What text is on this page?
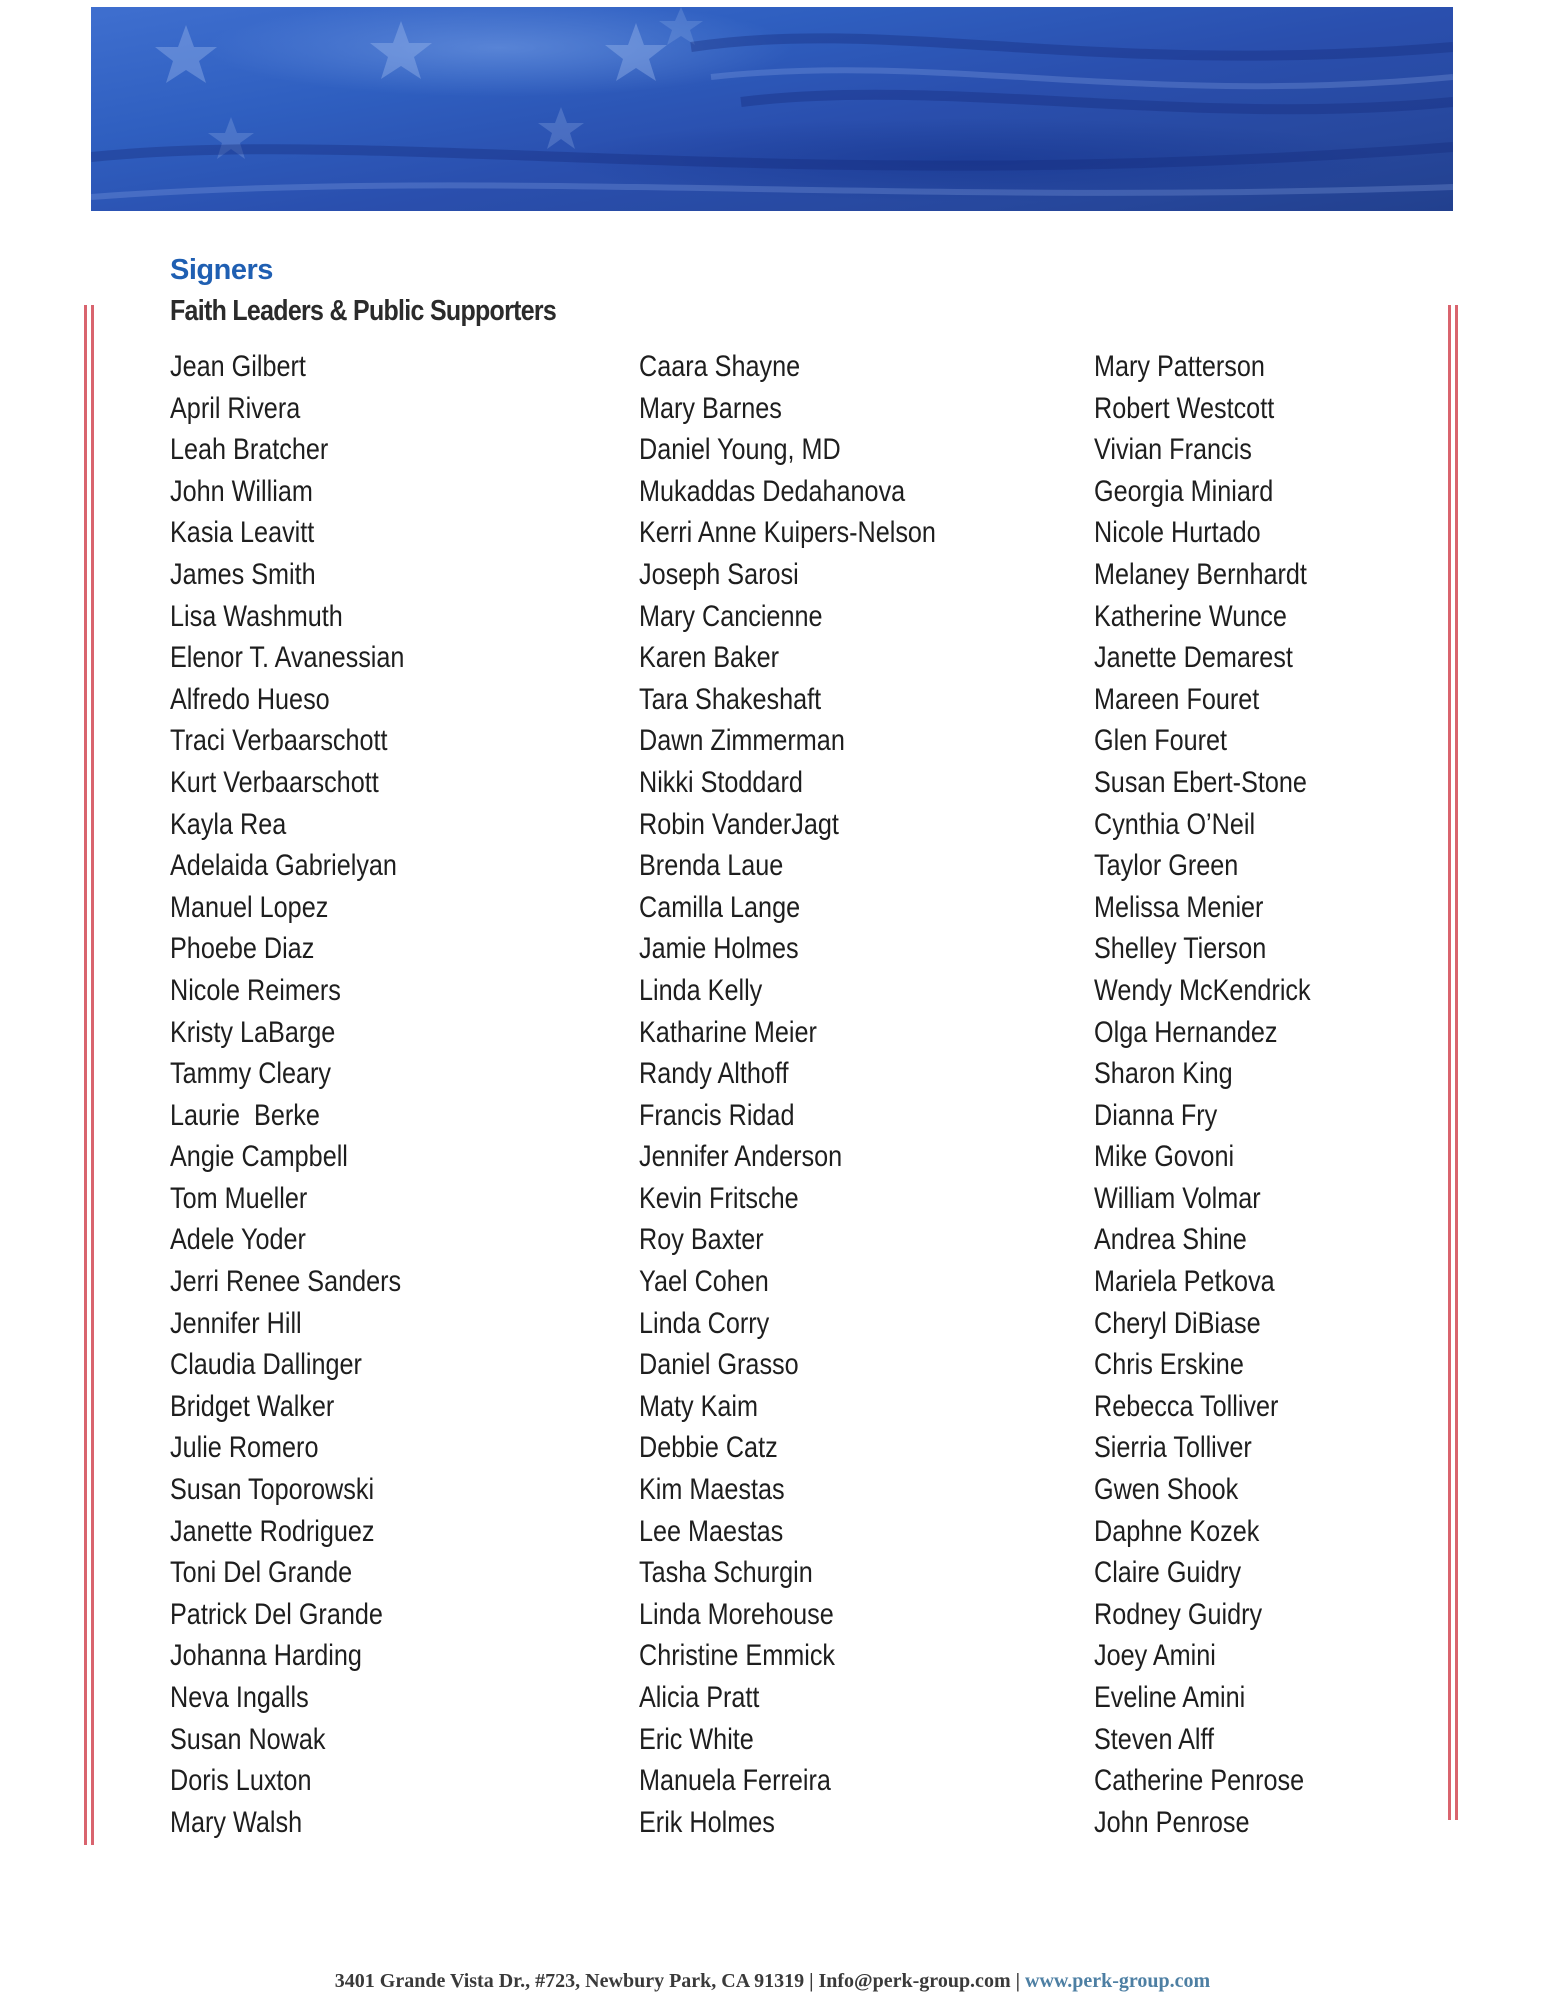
Signers
Faith Leaders & Public Supporters
Jean Gilbert
April Rivera
Leah Bratcher
John William
Kasia Leavitt
James Smith
Lisa Washmuth
Elenor T. Avanessian
Alfredo Hueso
Traci Verbaarschott
Kurt Verbaarschott
Kayla Rea
Adelaida Gabrielyan
Manuel Lopez
Phoebe Diaz
Nicole Reimers
Kristy LaBarge
Tammy Cleary
Laurie  Berke
Angie Campbell
Tom Mueller
Adele Yoder
Jerri Renee Sanders
Jennifer Hill
Claudia Dallinger
Bridget Walker
Julie Romero
Susan Toporowski
Janette Rodriguez
Toni Del Grande
Patrick Del Grande
Johanna Harding
Neva Ingalls
Susan Nowak
Doris Luxton
Mary Walsh
Caara Shayne
Mary Barnes
Daniel Young, MD
Mukaddas Dedahanova
Kerri Anne Kuipers-Nelson
Joseph Sarosi
Mary Cancienne
Karen Baker
Tara Shakeshaft
Dawn Zimmerman
Nikki Stoddard
Robin VanderJagt
Brenda Laue
Camilla Lange
Jamie Holmes
Linda Kelly
Katharine Meier
Randy Althoff
Francis Ridad
Jennifer Anderson
Kevin Fritsche
Roy Baxter
Yael Cohen
Linda Corry
Daniel Grasso
Maty Kaim
Debbie Catz
Kim Maestas
Lee Maestas
Tasha Schurgin
Linda Morehouse
Christine Emmick
Alicia Pratt
Eric White
Manuela Ferreira
Erik Holmes
Mary Patterson
Robert Westcott
Vivian Francis
Georgia Miniard
Nicole Hurtado
Melaney Bernhardt
Katherine Wunce
Janette Demarest
Mareen Fouret
Glen Fouret
Susan Ebert-Stone
Cynthia O’Neil
Taylor Green
Melissa Menier
Shelley Tierson
Wendy McKendrick
Olga Hernandez
Sharon King
Dianna Fry
Mike Govoni
William Volmar
Andrea Shine
Mariela Petkova
Cheryl DiBiase
Chris Erskine
Rebecca Tolliver
Sierria Tolliver
Gwen Shook
Daphne Kozek
Claire Guidry
Rodney Guidry
Joey Amini
Eveline Amini
Steven Alff
Catherine Penrose
John Penrose
3401 Grande Vista Dr., #723, Newbury Park, CA 91319 | Info@perk-group.com | www.perk-group.com
